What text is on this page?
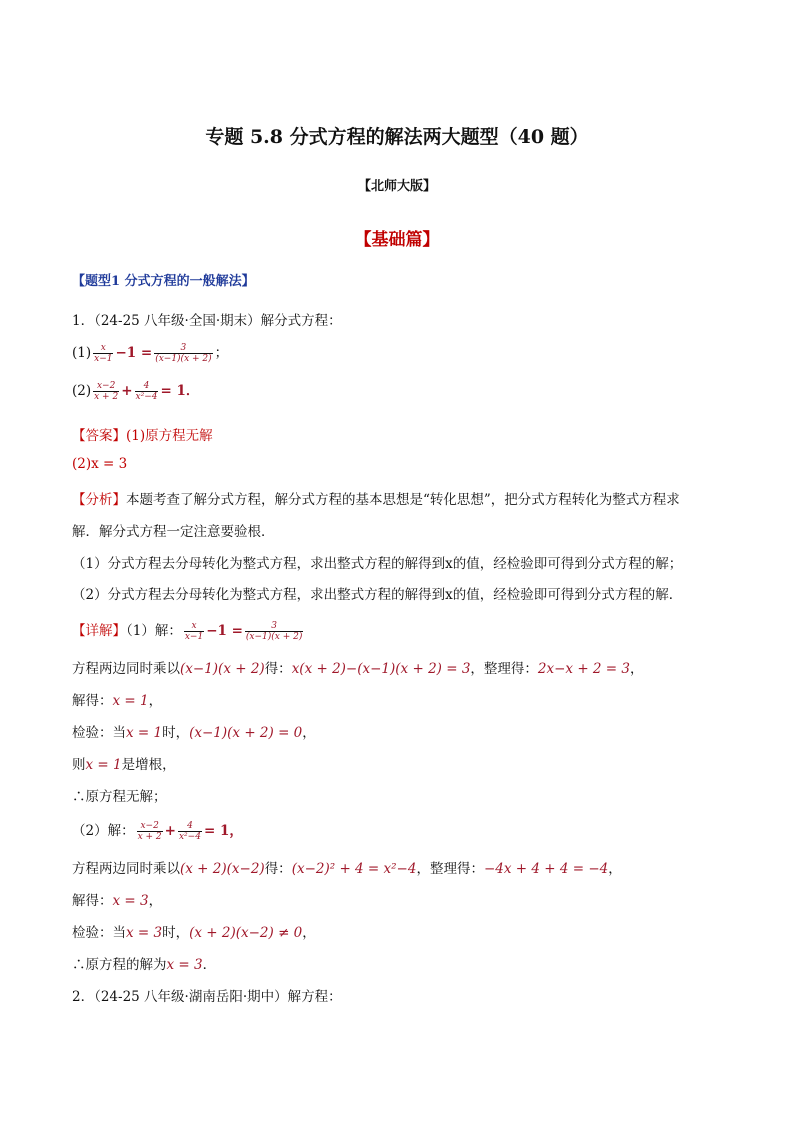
专题 5.8 分式方程的解法两大题型（40 题）
【北师大版】
【基础篇】
【题型1 分式方程的一般解法】
1．（24-25 八年级·全国·期末）解分式方程：
$(1) \frac{x}{x-1} -1 = \frac{3}{(x-1)(x + 2)}$ ；
$(2) \frac{x-2}{x + 2} + \frac{4}{\text{x²−4}} = 1$．
【答案】(1)原方程无解
(2)x = 3
【分析】本题考查了解分式方程，解分式方程的基本思想是“转化思想”，把分式方程转化为整式方程求
解．解分式方程一定注意要验根．
（1）分式方程去分母转化为整式方程，求出整式方程的解得到x的值，经检验即可得到分式方程的解；
（2）分式方程去分母转化为整式方程，求出整式方程的解得到x的值，经检验即可得到分式方程的解．
【详解】（1）解： $\frac{x}{x-1} -1 = \frac{3}{(x-1)(x + 2)}$
方程两边同时乘以(x−1)(x + 2)得：x(x + 2)−(x−1)(x + 2) = 3，整理得：2x−x + 2 = 3，
解得：x = 1，
检验：当x = 1时，(x−1)(x + 2) = 0，
则x = 1是增根，
∴原方程无解；
（2）解： $\frac{x-2}{x + 2} + \frac{4}{\text{x²−4}} = 1$，
方程两边同时乘以(x + 2)(x−2)得：(x−2)² + 4 = x²−4，整理得：−4x + 4 + 4 = −4，
解得：x = 3，
检验：当x = 3时，(x + 2)(x−2) ≠ 0，
∴原方程的解为x = 3．
2．（24-25 八年级·湖南岳阳·期中）解方程：
